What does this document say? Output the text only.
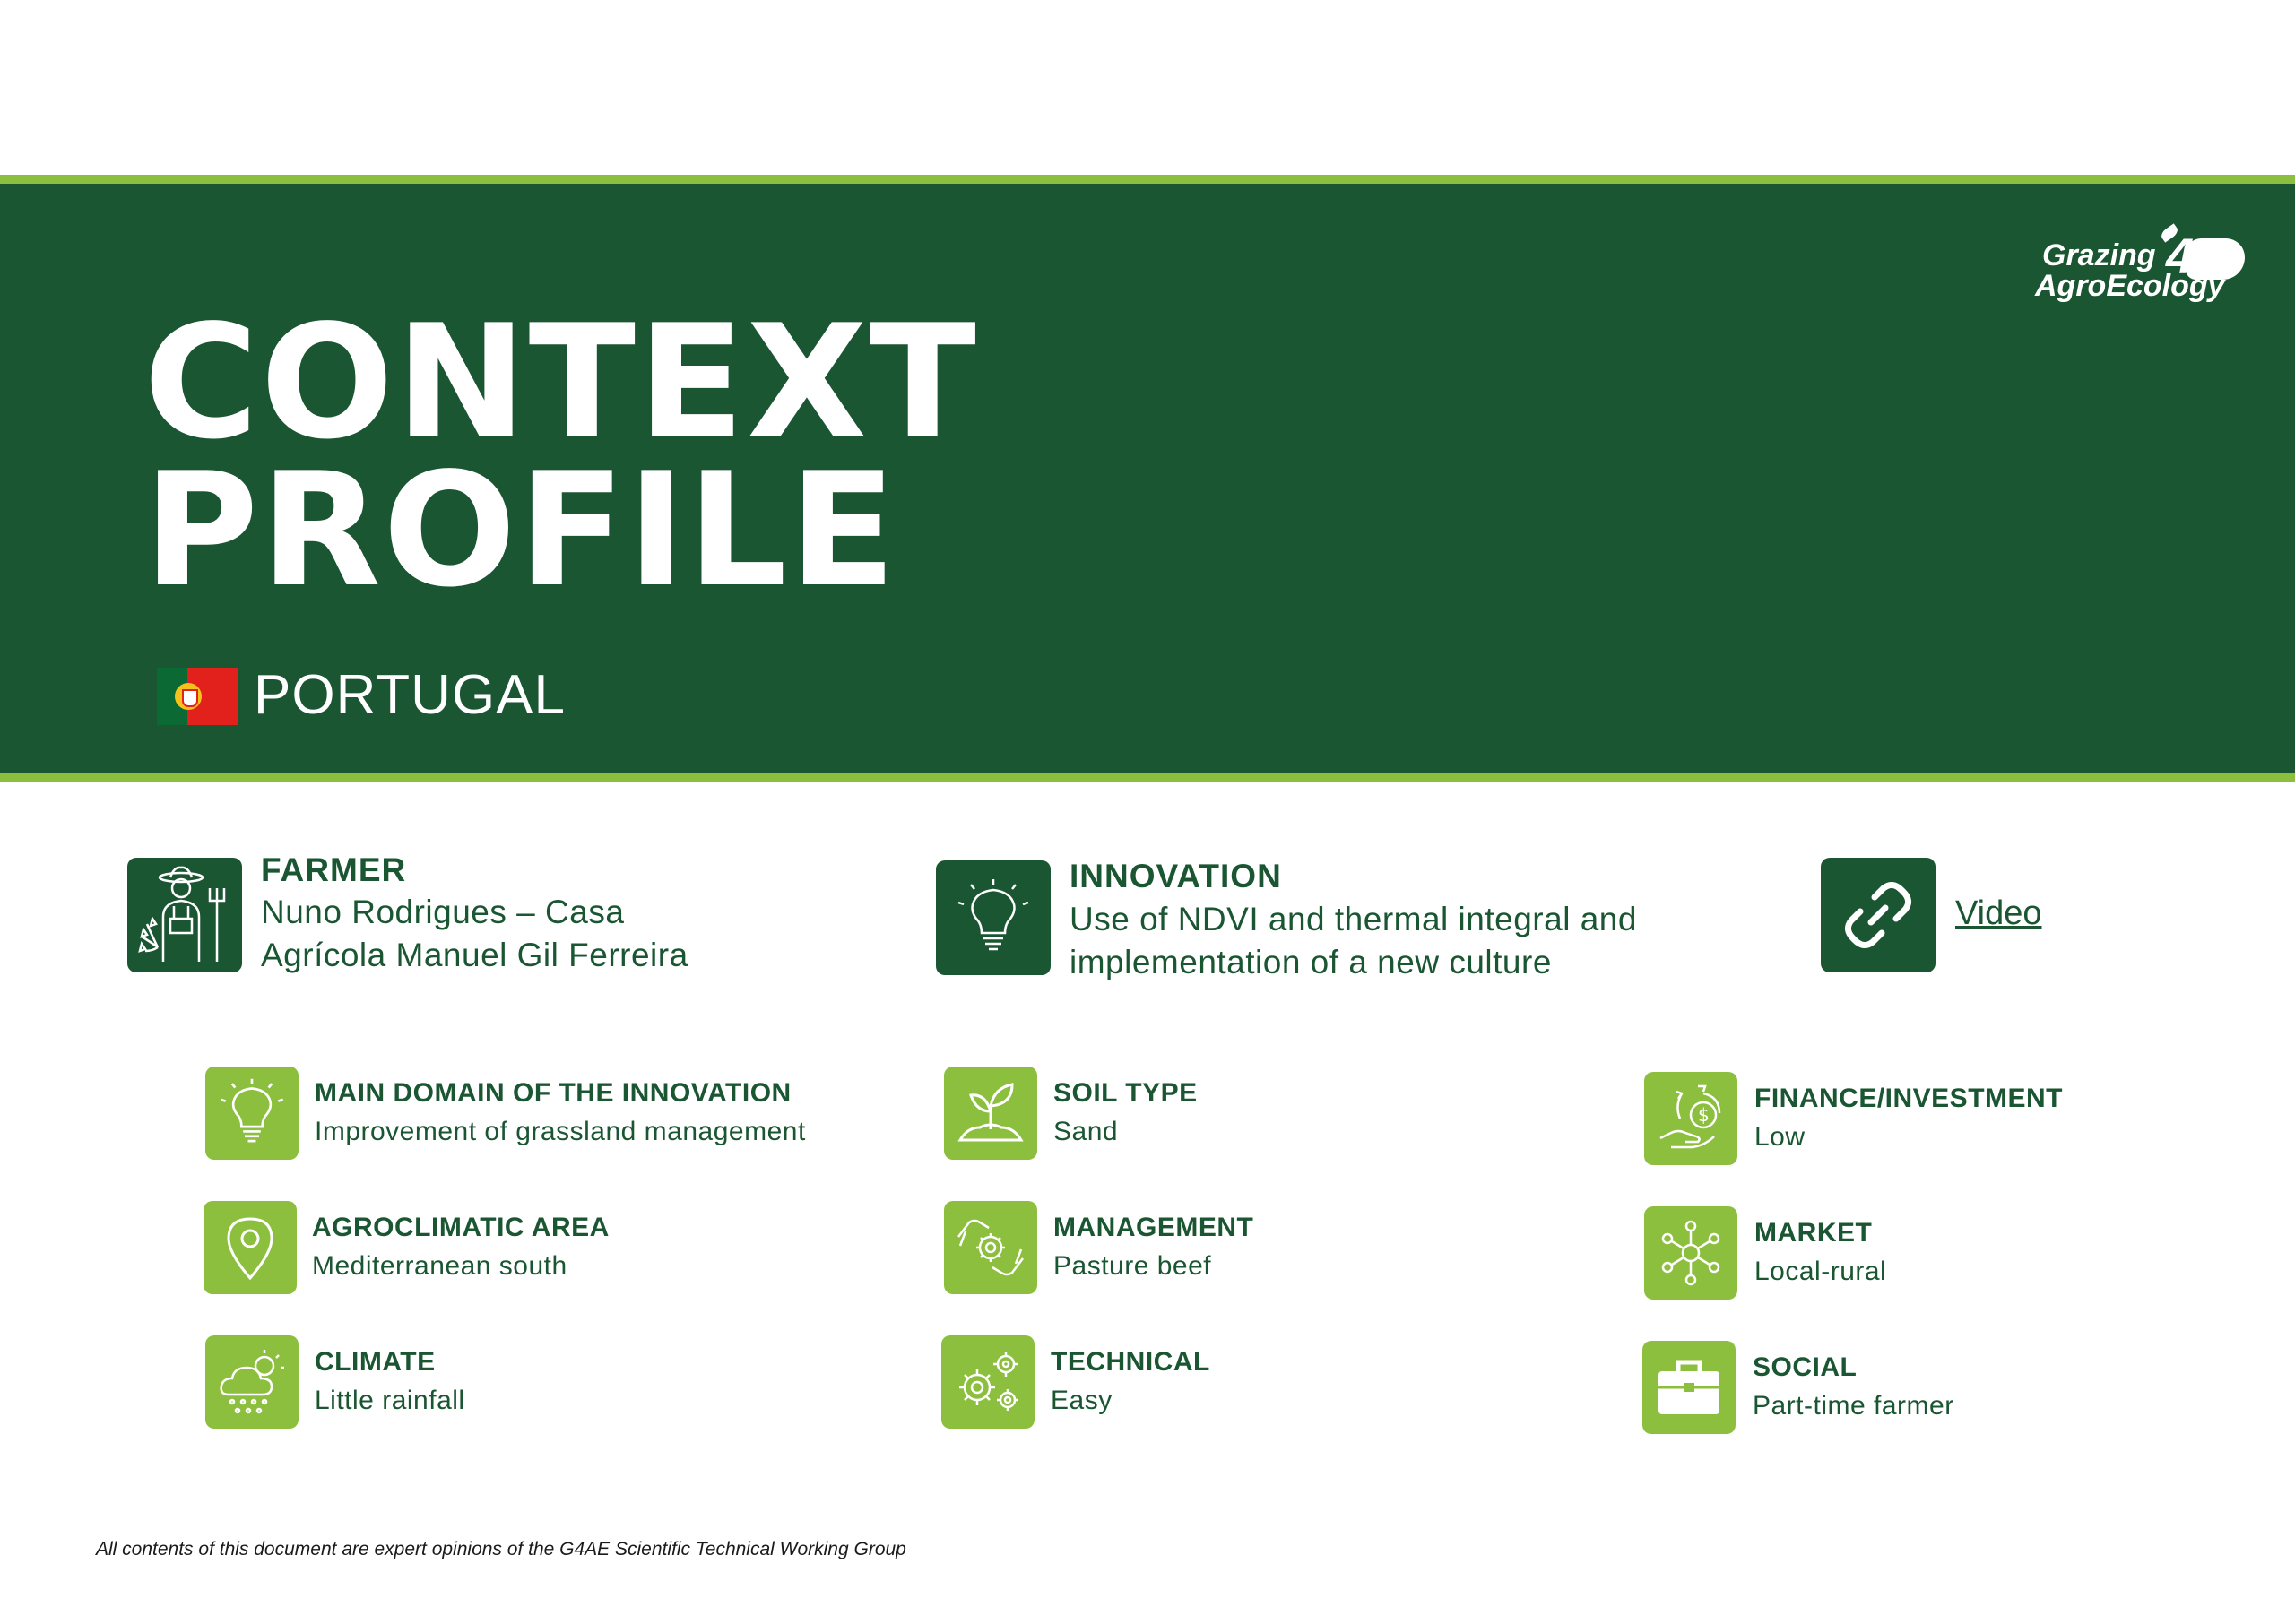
CONTEXT
PROFILE
PORTUGAL
4
Grazing
AgroEcology
FARMER
Nuno Rodrigues – Casa
Agrícola Manuel Gil Ferreira
INNOVATION
Use of NDVI and thermal integral and
implementation of a new culture
Video
MAIN DOMAIN OF THE INNOVATION
Improvement of grassland management
AGROCLIMATIC AREA
Mediterranean south
CLIMATE
Little rainfall
SOIL TYPE
Sand
MANAGEMENT
Pasture beef
TECHNICAL
Easy
$
FINANCE/INVESTMENT
Low
MARKET
Local-rural
SOCIAL
Part-time farmer
All contents of this document are expert opinions of the G4AE Scientific Technical Working Group
